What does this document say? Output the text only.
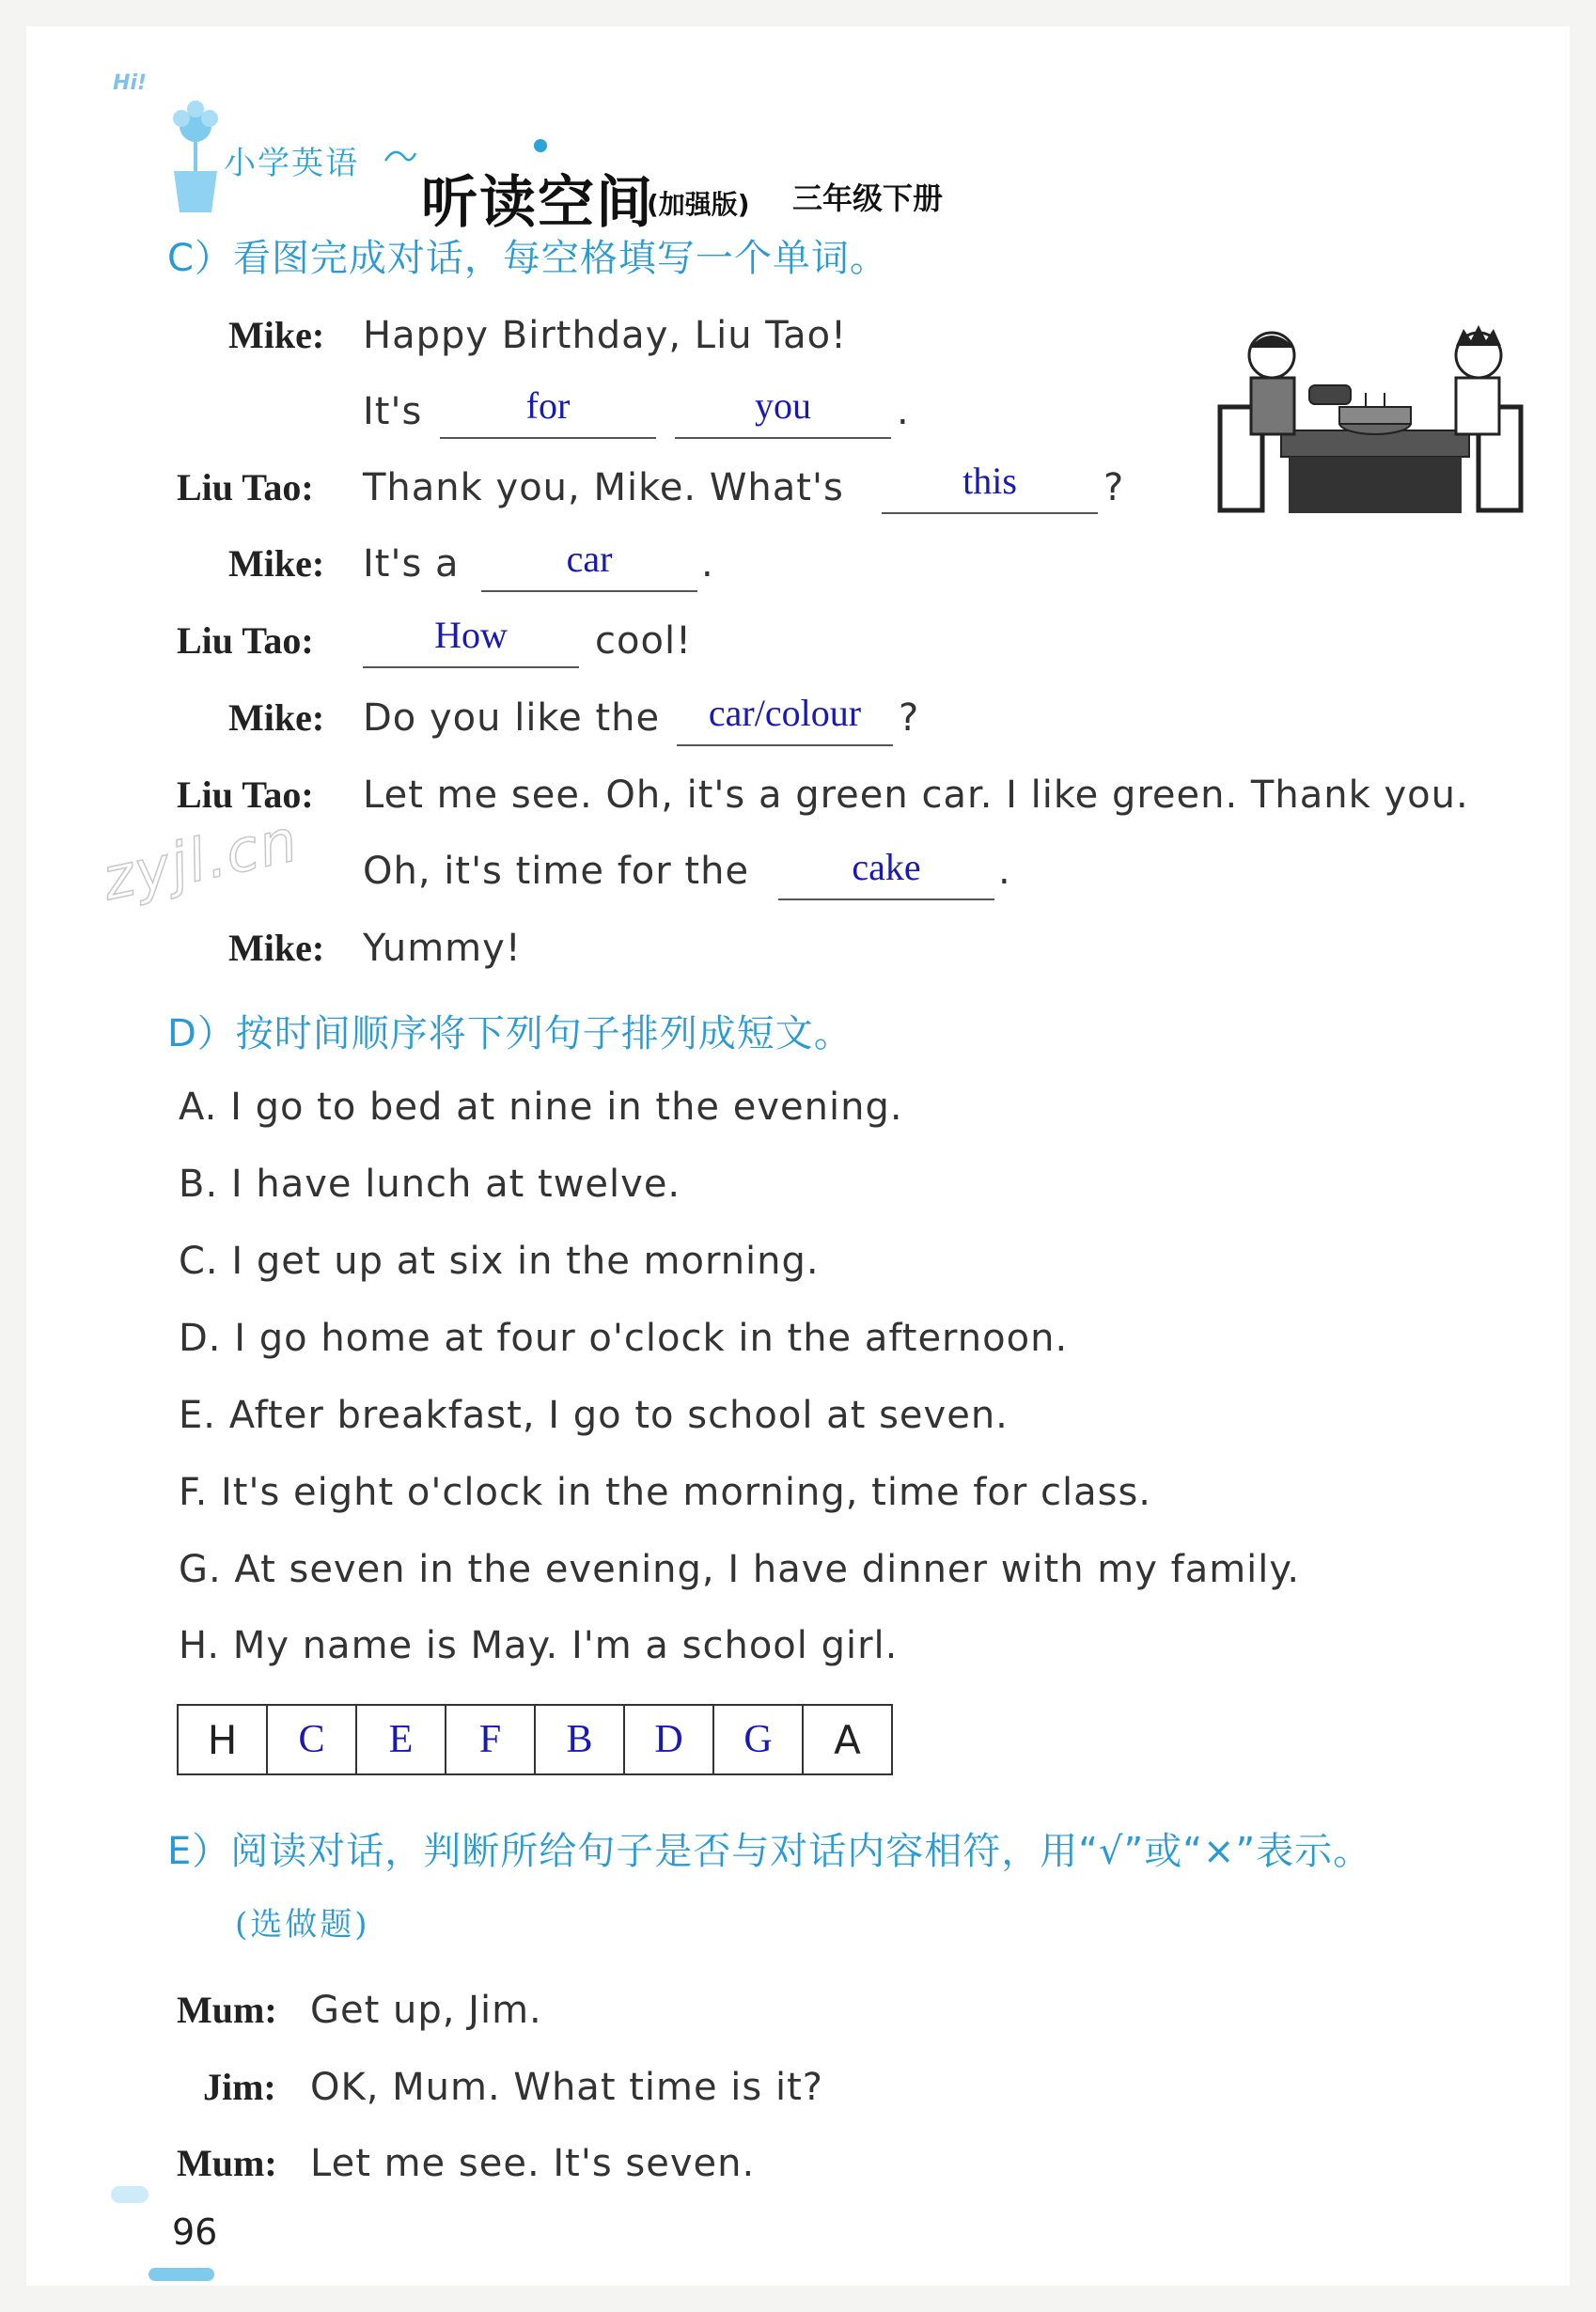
Hi!
小学英语
听读空间
(加强版) 三年级下册
C）看图完成对话，每空格填写一个单词。
Mike: Happy Birthday, Liu Tao!
It's	for	you	.
Liu Tao: Thank you, Mike. What's	this	?
Mike: It's a	car	.
Liu Tao:	How	cool!
Mike: Do you like the	car/colour ?
Liu Tao: Let me see. Oh, it's a green car. I like green. Thank you.
zyjl.cn Oh, it's time for the	cake	.
Mike: Yummy!
D）按时间顺序将下列句子排列成短文。
A. I go to bed at nine in the evening.
B. I have lunch at twelve.
C. I get up at six in the morning.
D. I go home at four o'clock in the afternoon.
E. After breakfast, I go to school at seven.
F. It's eight o'clock in the morning, time for class.
G. At seven in the evening, I have dinner with my family.
H. My name is May. I'm a school girl.
H	C	E	F	B	D	G	A
E）阅读对话，判断所给句子是否与对话内容相符，用“√”或“×”表示。
(选做题)
Mum: Get up, Jim.
Jim: OK, Mum. What time is it?
Mum: Let me see. It's seven.
96
